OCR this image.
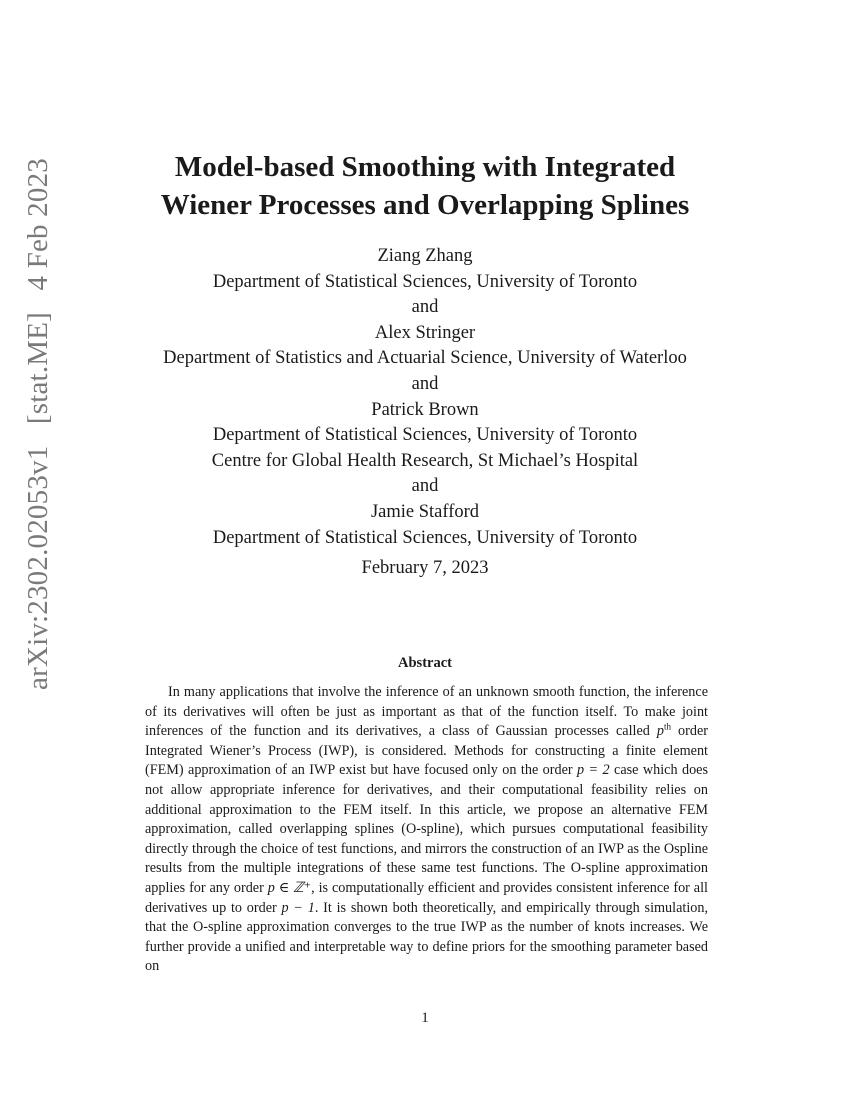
arXiv:2302.02053v1 [stat.ME] 4 Feb 2023	Model-based Smoothing with Integrated
Wiener Processes and Overlapping Splines
Ziang Zhang
Department of Statistical Sciences, University of Toronto
and
Alex Stringer
Department of Statistics and Actuarial Science, University of Waterloo
and
Patrick Brown
Department of Statistical Sciences, University of Toronto
Centre for Global Health Research, St Michael’s Hospital
and
Jamie Stafford
Department of Statistical Sciences, University of Toronto
February 7, 2023
Abstract
In many applications that involve the inference of an unknown smooth function, the inference of its derivatives will often be just as important as that of the function itself. To make joint inferences of the function and its derivatives, a class of Gaussian processes called $p^{th}$ order Integrated Wiener’s Process (IWP), is considered. Methods for constructing a finite element (FEM) approximation of an IWP exist but have focused only on the order p = 2 case which does not allow appropriate inference for derivatives, and their computational feasibility relies on additional approximation to the FEM itself. In this article, we propose an alternative FEM approximation, called overlapping splines (O-spline), which pursues computational feasibility directly through the choice of test functions, and mirrors the construction of an IWP as the Ospline results from the multiple integrations of these same test functions. The O-spline approximation applies for any order p ∈ ℤ⁺, is computationally efficient and provides consistent inference for all derivatives up to order p − 1. It is shown both theoretically, and empirically through simulation, that the O-spline approximation converges to the true IWP as the number of knots increases. We further provide a unified and interpretable way to define priors for the smoothing parameter based on
1
